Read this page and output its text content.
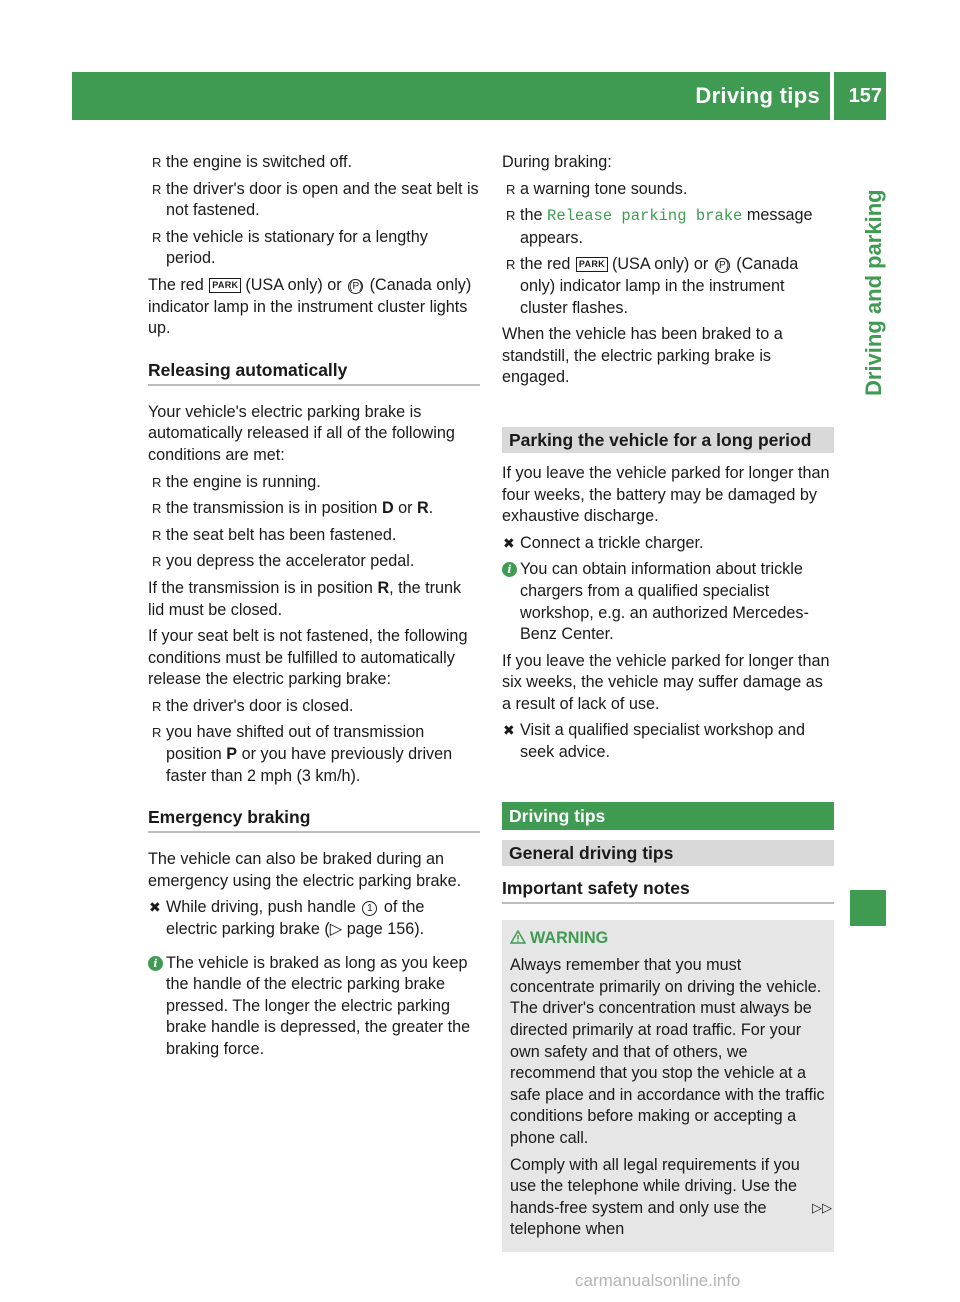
Driving tips 157
Driving and parking
R the engine is switched off.
R the driver's door is open and the seat belt is not fastened.
R the vehicle is stationary for a lengthy period.

The red PARK (USA only) or (P) (Canada only) indicator lamp in the instrument cluster lights up.

Releasing automatically

Your vehicle's electric parking brake is automatically released if all of the following conditions are met:

R the engine is running.
R the transmission is in position D or R.
R the seat belt has been fastened.
R you depress the accelerator pedal.

If the transmission is in position R, the trunk lid must be closed.

If your seat belt is not fastened, the following conditions must be fulfilled to automatically release the electric parking brake:

R the driver's door is closed.
R you have shifted out of transmission position P or you have previously driven faster than 2 mph (3 km/h).
Emergency braking

The vehicle can also be braked during an emergency using the electric parking brake.

✖ While driving, push handle 1 of the electric parking brake (▷ page 156).
i The vehicle is braked as long as you keep the handle of the electric parking brake pressed. The longer the electric parking brake handle is depressed, the greater the braking force.

During braking:

R a warning tone sounds.
R the Release parking brake message appears.
R the red PARK (USA only) or (P) (Canada only) indicator lamp in the instrument cluster flashes.

When the vehicle has been braked to a standstill, the electric parking brake is engaged.

Parking the vehicle for a long period

If you leave the vehicle parked for longer than four weeks, the battery may be damaged by exhaustive discharge.

✖ Connect a trickle charger.
i You can obtain information about trickle chargers from a qualified specialist workshop, e.g. an authorized Mercedes-Benz Center.

If you leave the vehicle parked for longer than six weeks, the vehicle may suffer damage as a result of lack of use.

✖ Visit a qualified specialist workshop and seek advice.
Driving tips
General driving tips
Important safety notes
WARNING

Always remember that you must concentrate primarily on driving the vehicle. The driver's concentration must always be directed primarily at road traffic. For your own safety and that of others, we recommend that you stop the vehicle at a safe place and in accordance with the traffic conditions before making or accepting a phone call.

Comply with all legal requirements if you use the telephone while driving. Use the hands-free system and only use the telephone when

▷▷
carmanualsonline.info
